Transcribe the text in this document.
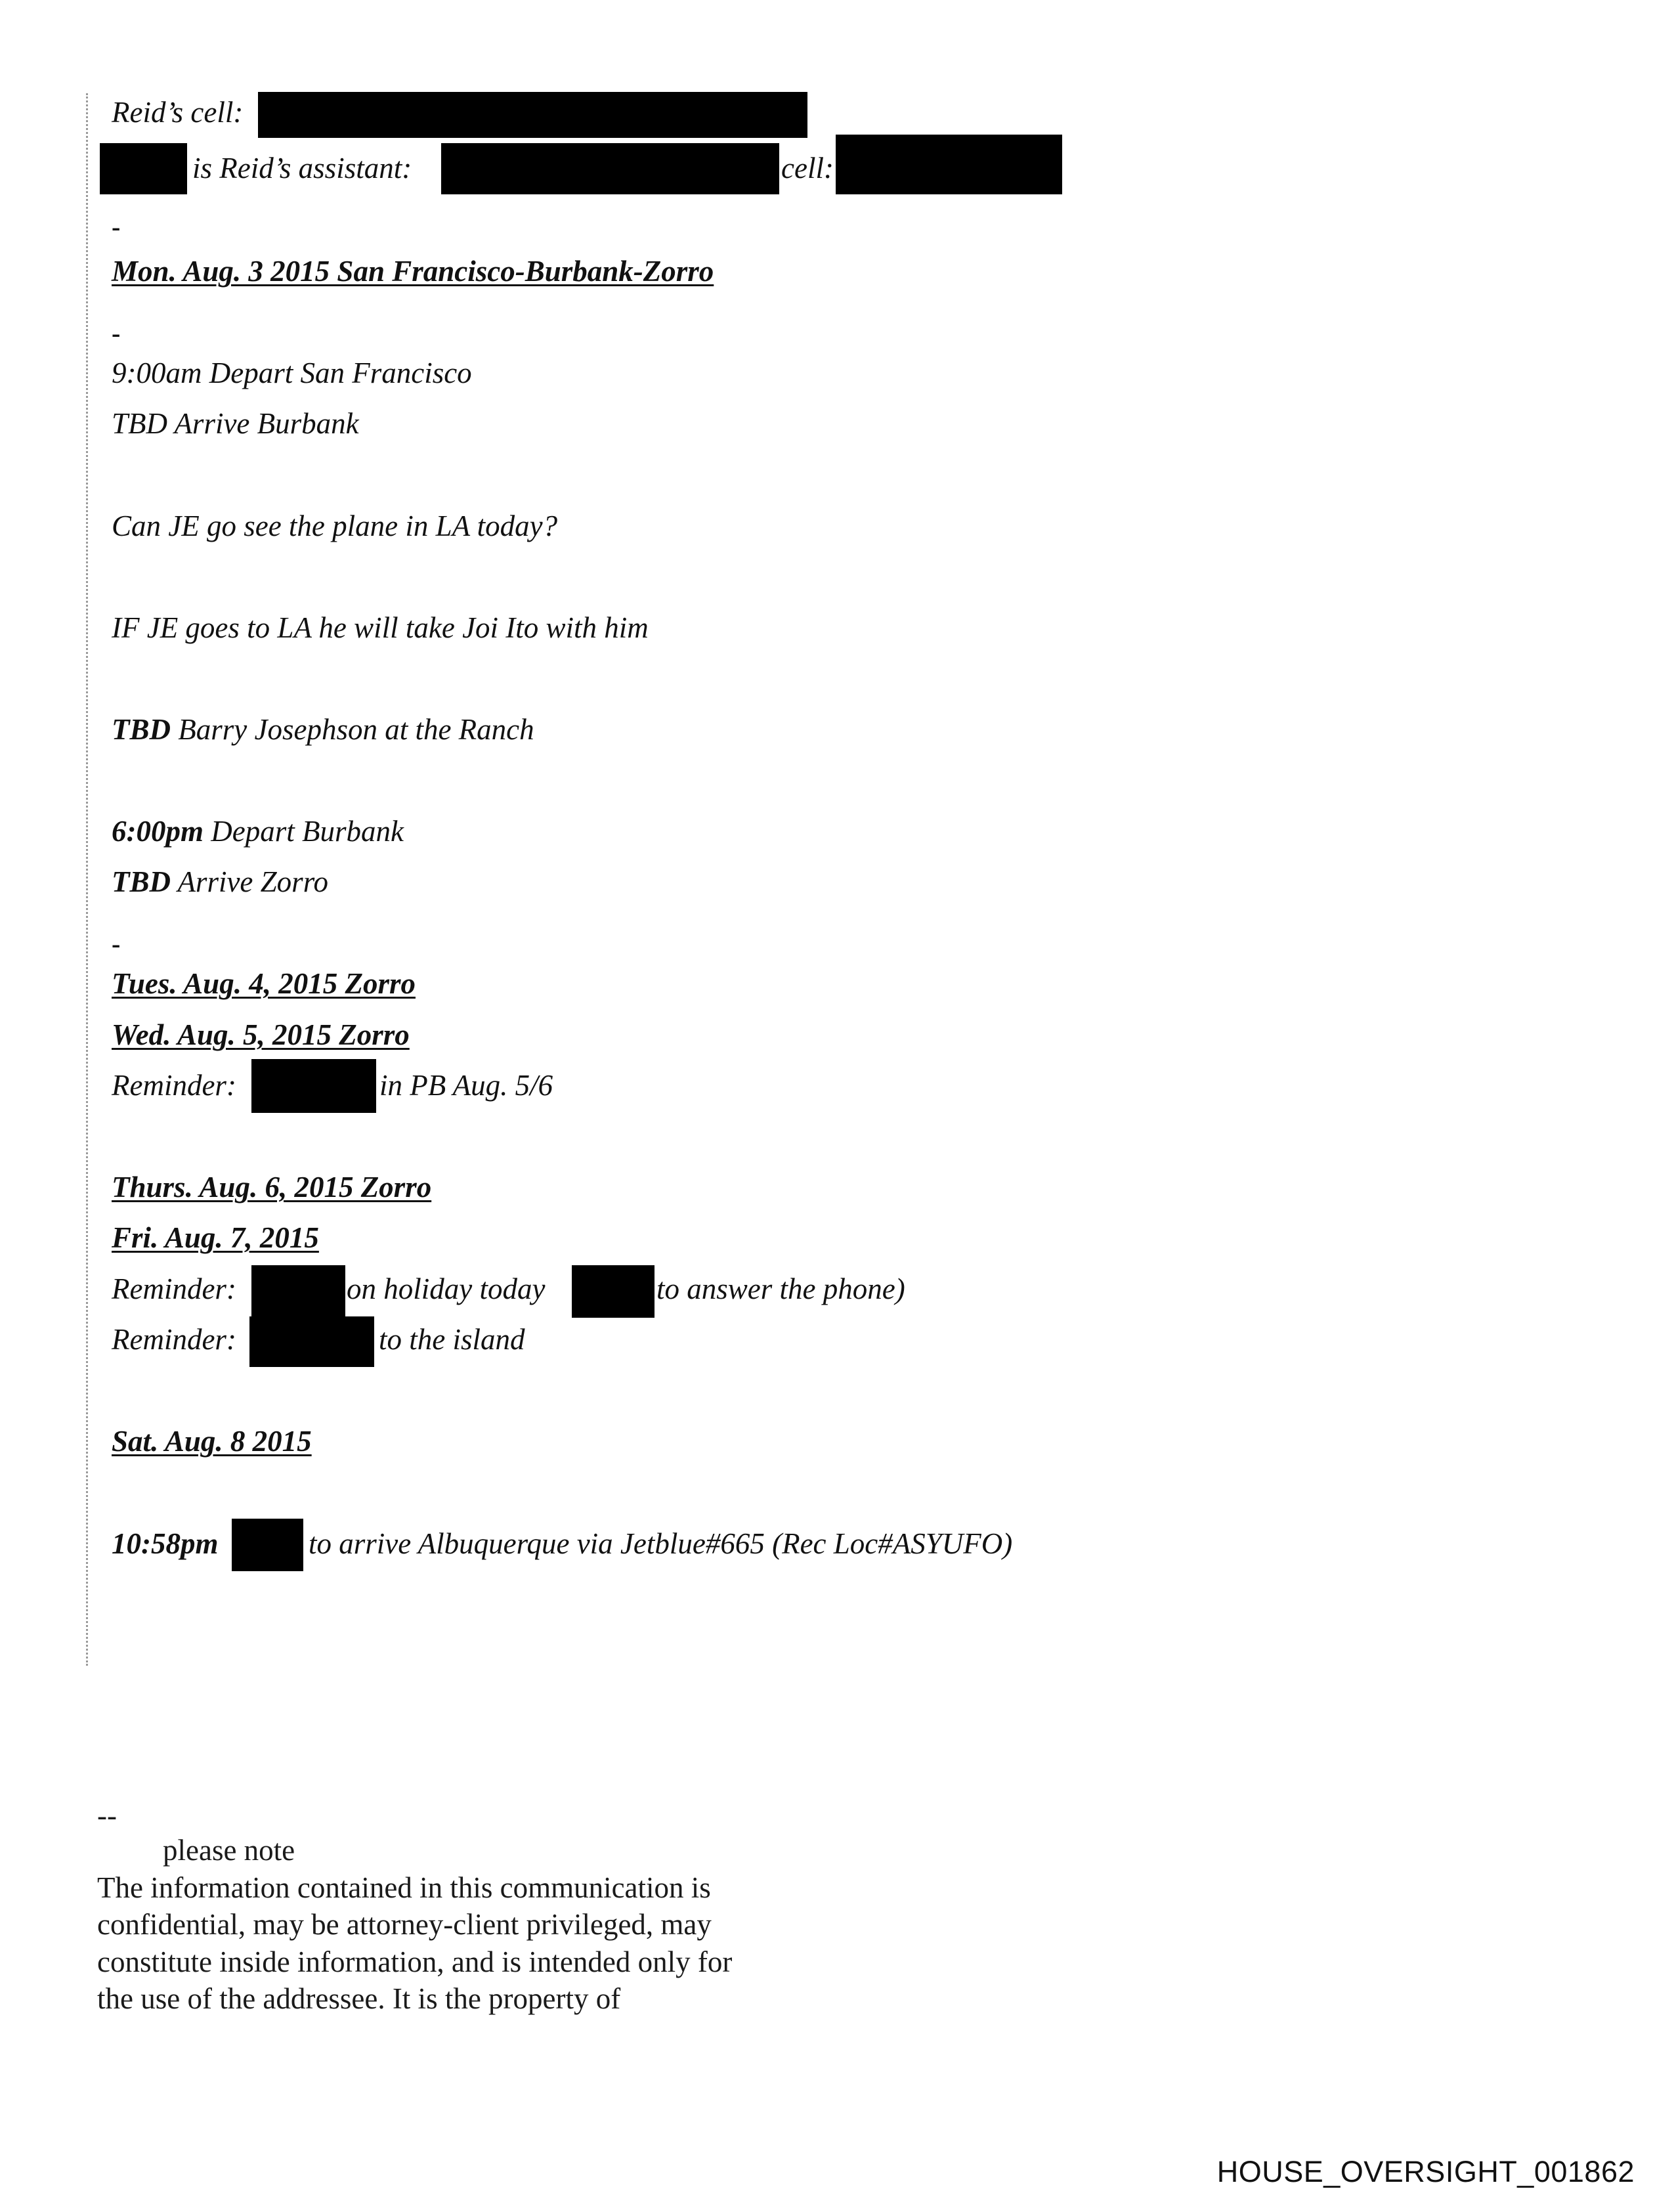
Reid’s cell:
is Reid’s assistant:	cell:
-
Mon. Aug. 3 2015 San Francisco-Burbank-Zorro
-
9:00am Depart San Francisco
TBD Arrive Burbank
Can JE go see the plane in LA today?
IF JE goes to LA he will take Joi Ito with him
TBD Barry Josephson at the Ranch
6:00pm Depart Burbank
TBD Arrive Zorro
-
Tues. Aug. 4, 2015 Zorro
Wed. Aug. 5, 2015 Zorro
Reminder:	in PB Aug. 5/6
Thurs. Aug. 6, 2015 Zorro
Fri. Aug. 7, 2015
Reminder:	on holiday today	to answer the phone)
Reminder:	to the island
Sat. Aug. 8 2015
10:58pm	to arrive Albuquerque via Jetblue#665 (Rec Loc#ASYUFO)
--
please note
The information contained in this communication is
confidential, may be attorney-client privileged, may
constitute inside information, and is intended only for
the use of the addressee. It is the property of
HOUSE_OVERSIGHT_001862
